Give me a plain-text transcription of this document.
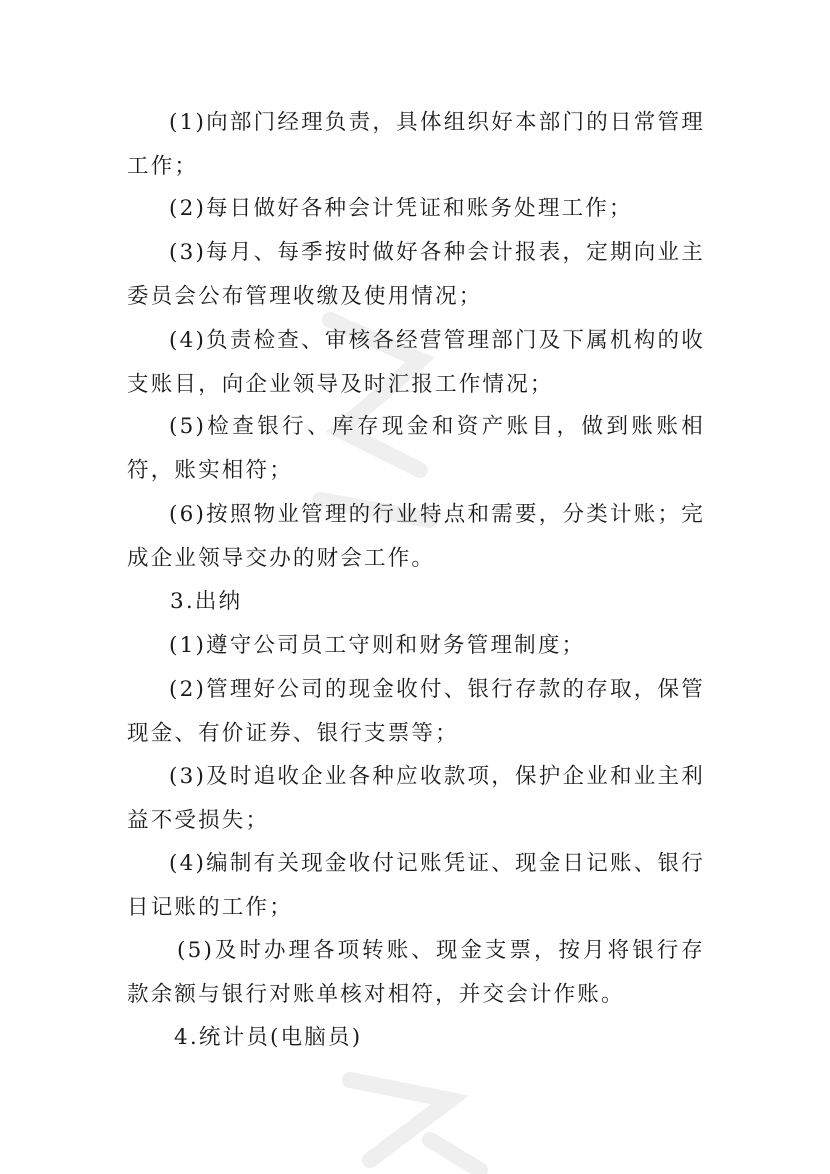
(1)向部门经理负责，具体组织好本部门的日常管理工作；

(2)每日做好各种会计凭证和账务处理工作；

(3)每月、每季按时做好各种会计报表，定期向业主委员会公布管理收缴及使用情况；

(4)负责检查、审核各经营管理部门及下属机构的收支账目，向企业领导及时汇报工作情况；

(5)检查银行、库存现金和资产账目，做到账账相符，账实相符；

(6)按照物业管理的行业特点和需要，分类计账；完成企业领导交办的财会工作。

3.出纳

(1)遵守公司员工守则和财务管理制度；

(2)管理好公司的现金收付、银行存款的存取，保管现金、有价证券、银行支票等；

(3)及时追收企业各种应收款项，保护企业和业主利益不受损失；

(4)编制有关现金收付记账凭证、现金日记账、银行日记账的工作；

(5)及时办理各项转账、现金支票，按月将银行存款余额与银行对账单核对相符，并交会计作账。

4.统计员(电脑员)
